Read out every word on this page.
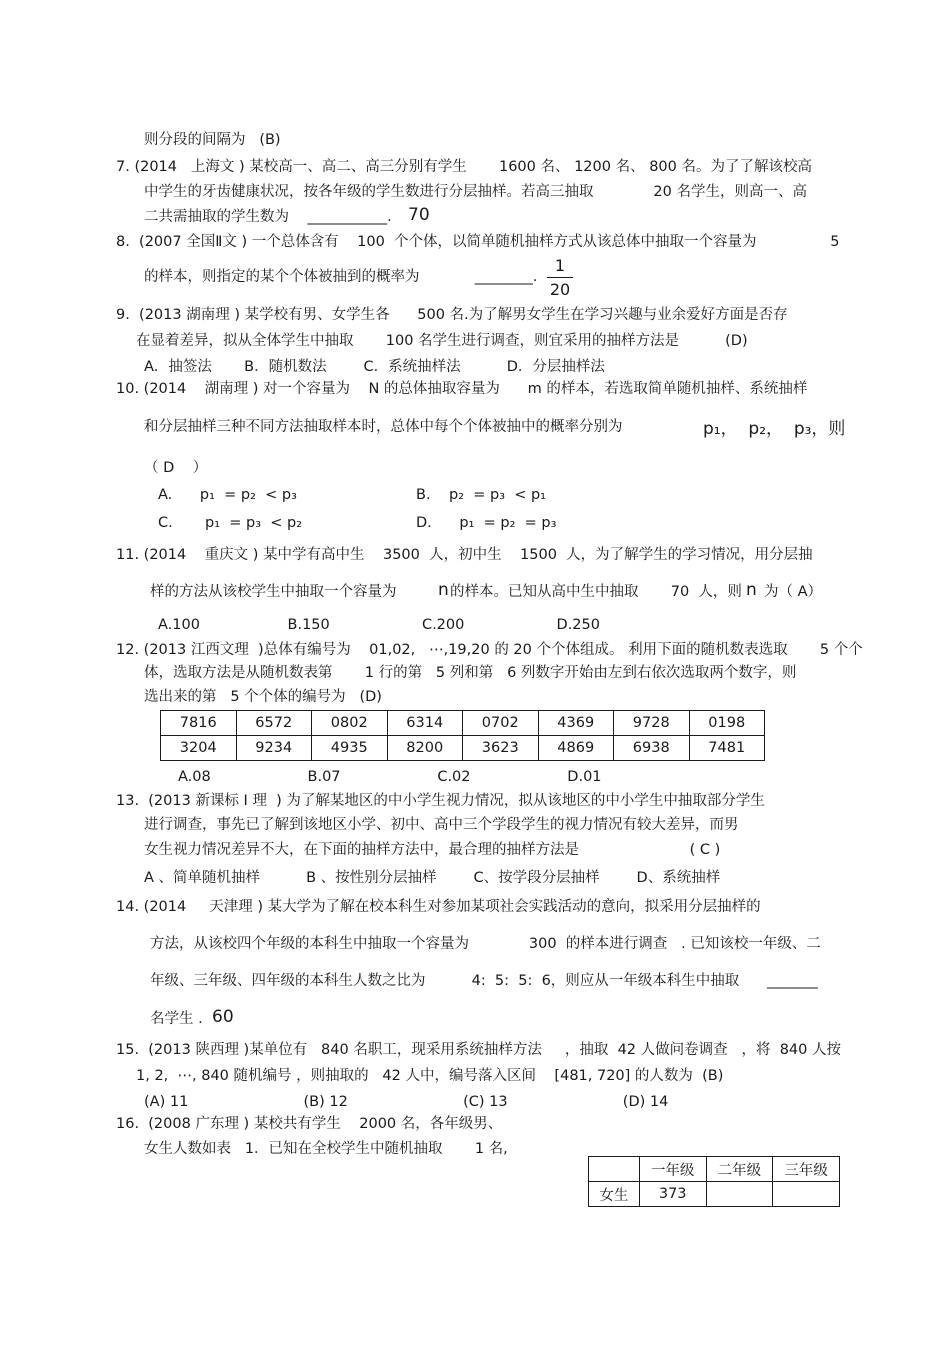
则分段的间隔为   (B)
7. (2014   上海文 ) 某校高一、高二、高三分别有学生       1600 名、 1200 名、 800 名。为了了解该校高
中学生的牙齿健康状况，按各年级的学生数进行分层抽样。若高三抽取             20 名学生，则高一、高
二共需抽取的学生数为    ___________.
8.  (2007 全国Ⅱ文 ) 一个总体含有    100  个个体，以简单随机抽样方式从该总体中抽取一个容量为                5
的样本，则指定的某个个体被抽到的概率为            ________.
9.  (2013 湖南理 ) 某学校有男、女学生各      500 名.为了解男女学生在学习兴趣与业余爱好方面是否存
在显着差异，拟从全体学生中抽取       100 名学生进行调查，则宜采用的抽样方法是          (D)
A．抽签法       B．随机数法        C．系统抽样法          D．分层抽样法
10. (2014    湖南理 ) 对一个容量为    N 的总体抽取容量为      m 的样本，若选取简单随机抽样、系统抽样
和分层抽样三种不同方法抽取样本时，总体中每个个体被抽中的概率分别为
（ D    ）
A.      p₁  = p₂  < p₃	B.    p₂  = p₃  < p₁
C.       p₁  = p₃  < p₂	D.      p₁  = p₂  = p₃
11. (2014    重庆文 ) 某中学有高中生    3500  人，初中生    1500  人，为了解学生的学习情况，用分层抽
样的方法从该校学生中抽取一个容量为	的样本。已知从高中生中抽取       70  人，则 为（ A）
A.100                   B.150                    C.200                    D.250
12. (2013 江西文理  )总体有编号为    01,02,   ⋯,19,20 的 20 个个体组成。 利用下面的随机数表选取       5 个个
体，选取方法是从随机数表第       1 行的第   5 列和第   6 列数字开始由左到右依次选取两个数字，则
选出来的第   5 个个体的编号为   (D)
A.08                     B.07                     C.02                     D.01
13.  (2013 新课标 I 理  ) 为了解某地区的中小学生视力情况，拟从该地区的中小学生中抽取部分学生
进行调查，事先已了解到该地区小学、初中、高中三个学段学生的视力情况有较大差异，而男
女生视力情况差异不大，在下面的抽样方法中，最合理的抽样方法是                        ( C )
A 、简单随机抽样          B 、按性别分层抽样        C、按学段分层抽样        D、系统抽样
14. (2014     天津理 ) 某大学为了解在校本科生对参加某项社会实践活动的意向，拟采用分层抽样的
方法，从该校四个年级的本科生中抽取一个容量为             300  的样本进行调查   . 已知该校一年级、二
年级、三年级、四年级的本科生人数之比为          4:  5:  5:  6，则应从一年级本科生中抽取      _______
名学生 .
15.  (2013 陕西理 )某单位有   840 名职工，现采用系统抽样方法     ，抽取  42 人做问卷调查   ，将  840 人按
1, 2,  ⋯, 840 随机编号 ，则抽取的   42 人中，编号落入区间    [481, 720] 的人数为  (B)
(A) 11                         (B) 12                         (C) 13                         (D) 14
16.  (2008 广东理 ) 某校共有学生    2000 名，各年级男、
女生人数如表   1．已知在全校学生中随机抽取       1 名,
70
p₁，  p₂，  p₃，则
n	n
60
1
20
7816	6572	0802	6314	0702	4369	9728	0198
3204	9234	4935	8200	3623	4869	6938	7481
	一年级	二年级	三年级
女生	373		
